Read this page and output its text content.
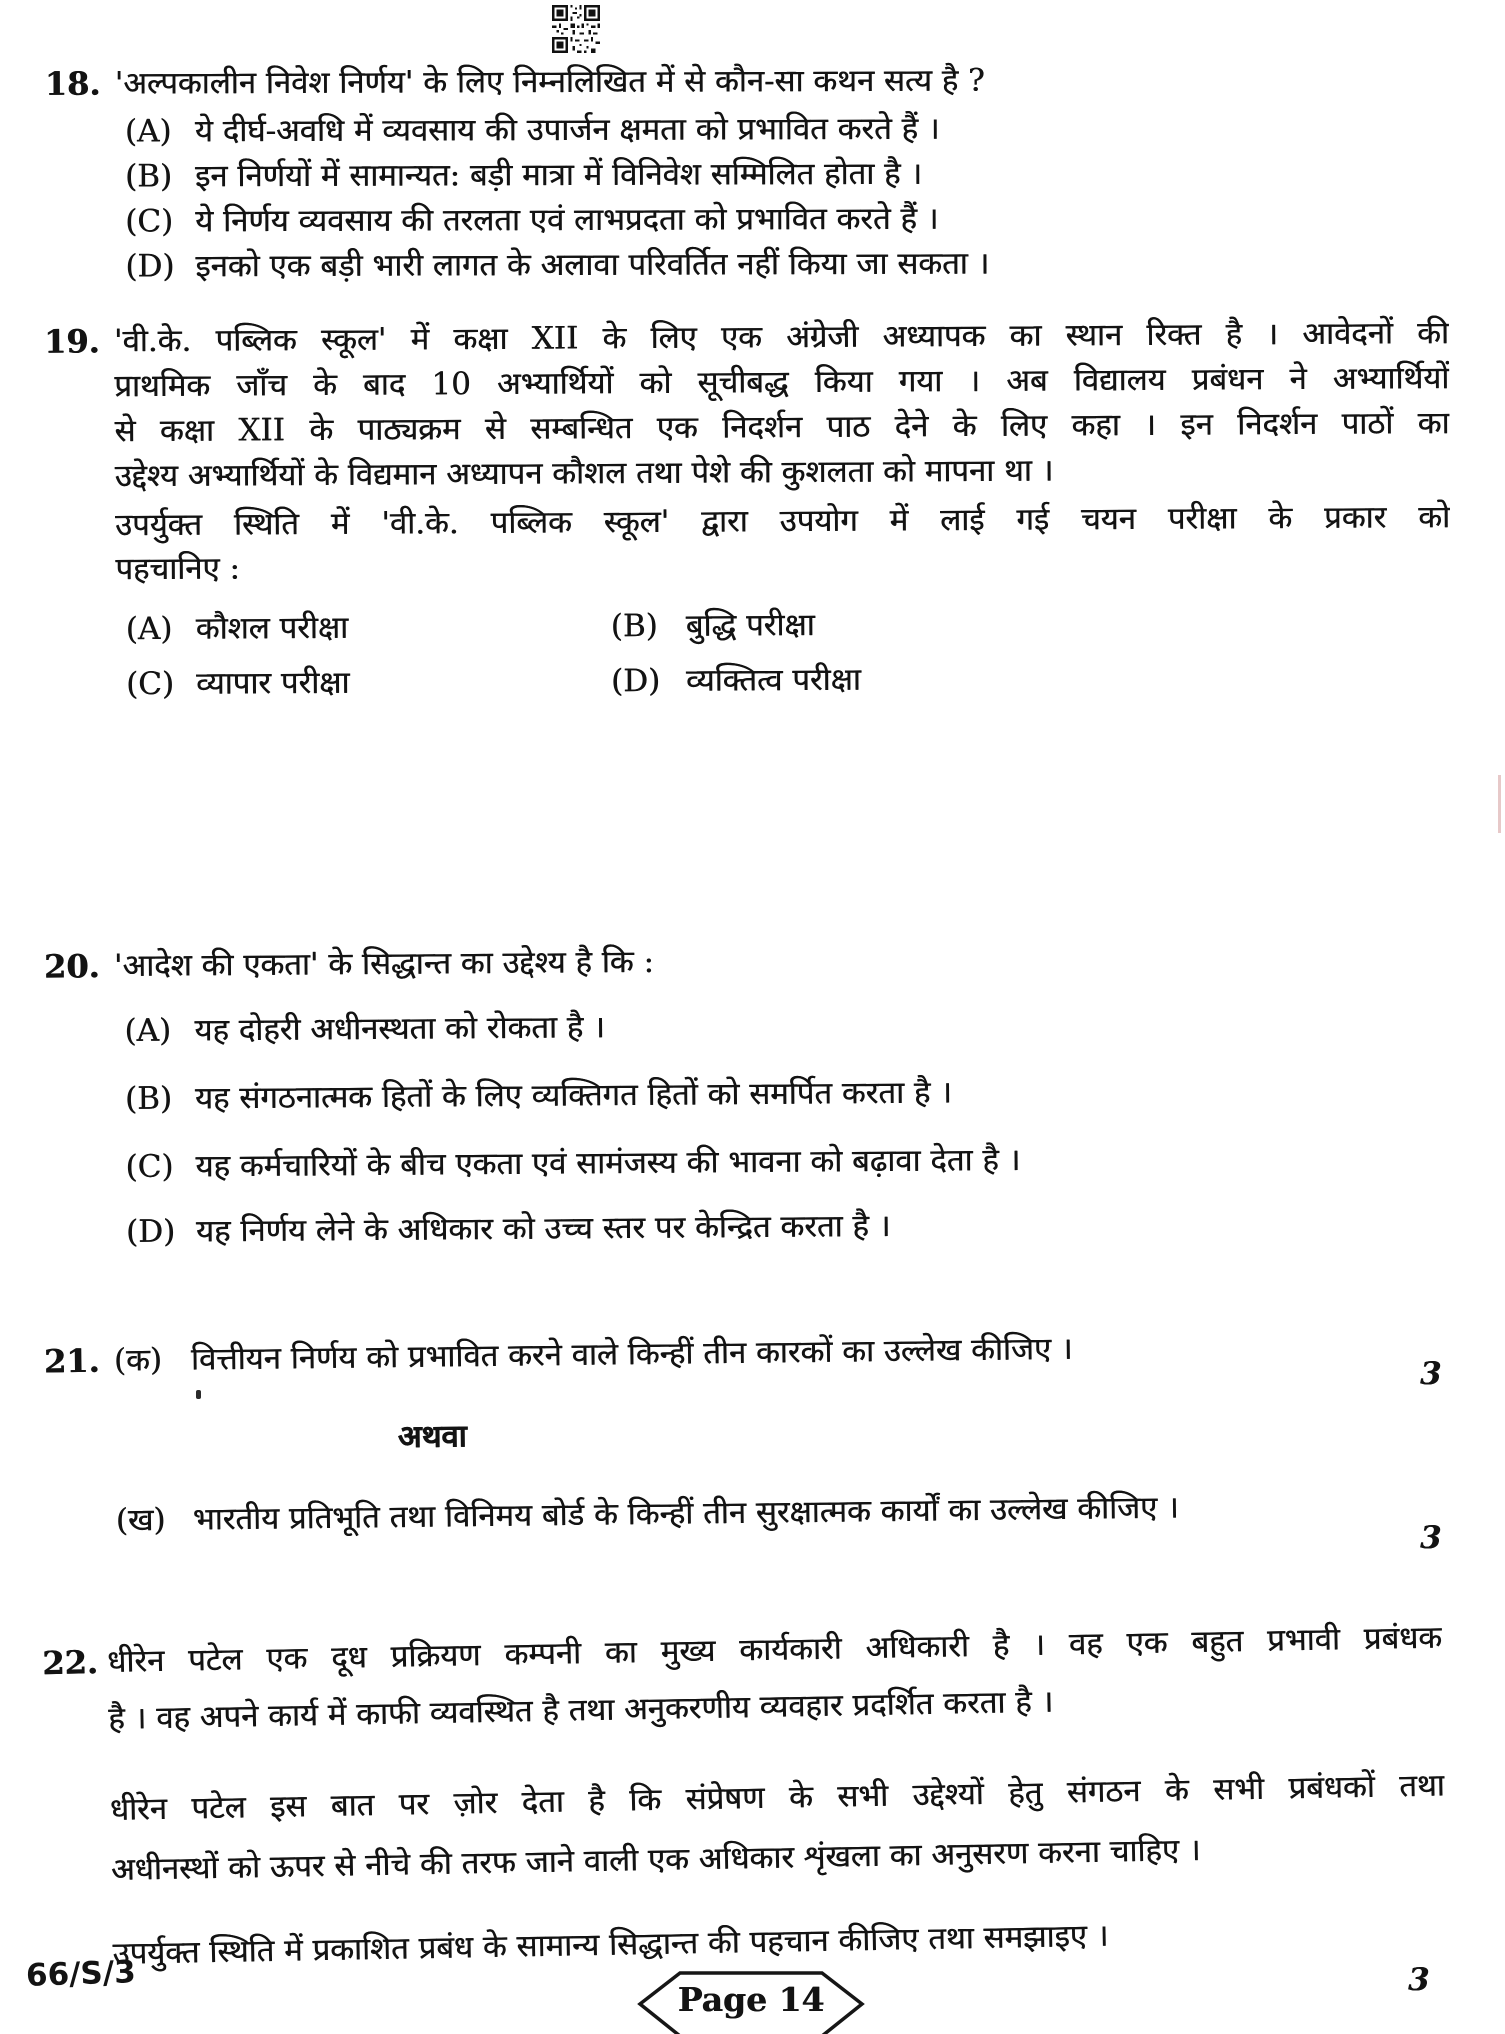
18. 'अल्पकालीन निवेश निर्णय' के लिए निम्नलिखित में से कौन-सा कथन सत्य है ?
(A) ये दीर्घ-अवधि में व्यवसाय की उपार्जन क्षमता को प्रभावित करते हैं ।
(B) इन निर्णयों में सामान्यत: बड़ी मात्रा में विनिवेश सम्मिलित होता है ।
(C) ये निर्णय व्यवसाय की तरलता एवं लाभप्रदता को प्रभावित करते हैं ।
(D) इनको एक बड़ी भारी लागत के अलावा परिवर्तित नहीं किया जा सकता ।
19. 'वी.के. पब्लिक स्कूल' में कक्षा XII के लिए एक अंग्रेजी अध्यापक का स्थान रिक्त है । आवेदनों की
प्राथमिक जाँच के बाद 10 अभ्यार्थियों को सूचीबद्ध किया गया । अब विद्यालय प्रबंधन ने अभ्यार्थियों
से कक्षा XII के पाठ्यक्रम से सम्बन्धित एक निदर्शन पाठ देने के लिए कहा । इन निदर्शन पाठों का
उद्देश्य अभ्यार्थियों के विद्यमान अध्यापन कौशल तथा पेशे की कुशलता को मापना था ।
उपर्युक्त स्थिति में 'वी.के. पब्लिक स्कूल' द्वारा उपयोग में लाई गई चयन परीक्षा के प्रकार को
पहचानिए :
(A) कौशल परीक्षा	(B) बुद्धि परीक्षा
(C) व्यापार परीक्षा	(D) व्यक्तित्व परीक्षा
20. 'आदेश की एकता' के सिद्धान्त का उद्देश्य है कि :
(A) यह दोहरी अधीनस्थता को रोकता है ।
(B) यह संगठनात्मक हितों के लिए व्यक्तिगत हितों को समर्पित करता है ।
(C) यह कर्मचारियों के बीच एकता एवं सामंजस्य की भावना को बढ़ावा देता है ।
(D) यह निर्णय लेने के अधिकार को उच्च स्तर पर केन्द्रित करता है ।
21. (क) वित्तीयन निर्णय को प्रभावित करने वाले किन्हीं तीन कारकों का उल्लेख कीजिए ।
अथवा
(ख) भारतीय प्रतिभूति तथा विनिमय बोर्ड के किन्हीं तीन सुरक्षात्मक कार्यों का उल्लेख कीजिए ।
3
3
22. धीरेन पटेल एक दूध प्रक्रियण कम्पनी का मुख्य कार्यकारी अधिकारी है । वह एक बहुत प्रभावी प्रबंधक
है । वह अपने कार्य में काफी व्यवस्थित है तथा अनुकरणीय व्यवहार प्रदर्शित करता है ।
धीरेन पटेल इस बात पर ज़ोर देता है कि संप्रेषण के सभी उद्देश्यों हेतु संगठन के सभी प्रबंधकों तथा
अधीनस्थों को ऊपर से नीचे की तरफ जाने वाली एक अधिकार शृंखला का अनुसरण करना चाहिए ।
उपर्युक्त स्थिति में प्रकाशित प्रबंध के सामान्य सिद्धान्त की पहचान कीजिए तथा समझाइए ।
3
66/S/3
Page 14
